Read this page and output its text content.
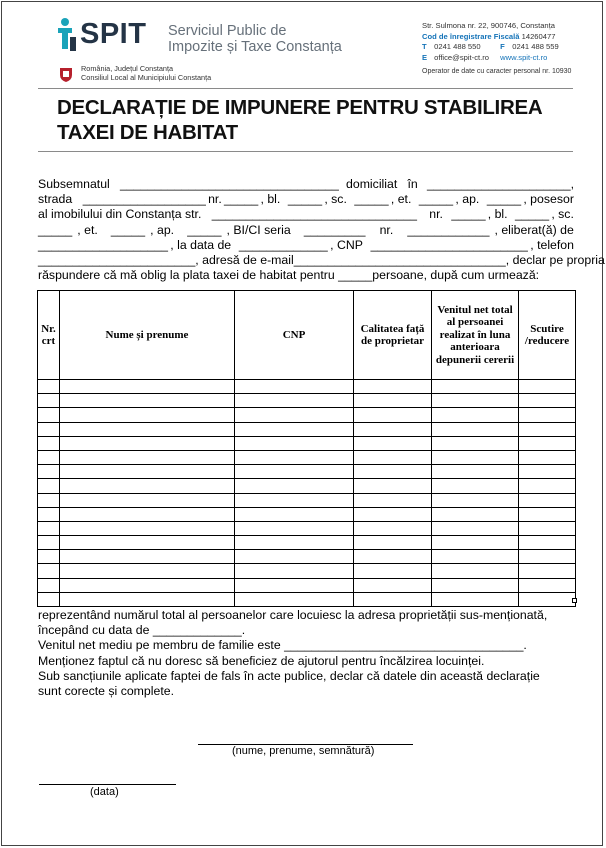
SPIT Serviciul Public de
Impozite și Taxe Constanța
România, Județul Constanța
Consiliul Local al Municipiului Constanța
Str. Sulmona nr. 22, 900746, Constanța
Cod de înregistrare Fiscală 14260477
T 0241 488 550	F 0241 488 559
E office@spit-ct.ro www.spit-ct.ro
Operator de date cu caracter personal nr. 10930
DECLARAȚIE DE IMPUNERE PENTRU STABILIREA
TAXEI DE HABITAT
Subsemnatul ________________________________ domiciliat în _____________________ ,
strada __________________ nr. _____ , bl. _____ , sc. _____ , et. _____ , ap. _____ , posesor
al imobilului din Constanța str. ______________________________ nr. _____ , bl. _____ , sc.
_____ , et. _____ , ap. _____ , BI/CI seria _________ nr. ____________ , eliberat(ă) de
___________________ , la data de _____________ , CNP _______________________ , telefon
_______________________ , adresă de e-mail _______________________________ , declar pe propria
răspundere că mă oblig la plata taxei de habitat pentru _____persoane, după cum urmează:
Nr. crt	Nume și prenume	CNP	Calitatea față de proprietar	Venitul net total al persoanei realizat în luna anterioara depunerii cererii	Scutire /reducere

reprezentând numărul total al persoanelor care locuiesc la adresa proprietății sus-menționată,
începând cu data de _____________.
Venitul net mediu pe membru de familie este ___________________________________.
Menționez faptul că nu doresc să beneficiez de ajutorul pentru încălzirea locuinței.
Sub sancțiunile aplicate faptei de fals în acte publice, declar că datele din această declarație
sunt corecte și complete.
(nume, prenume, semnătură)
(data)
